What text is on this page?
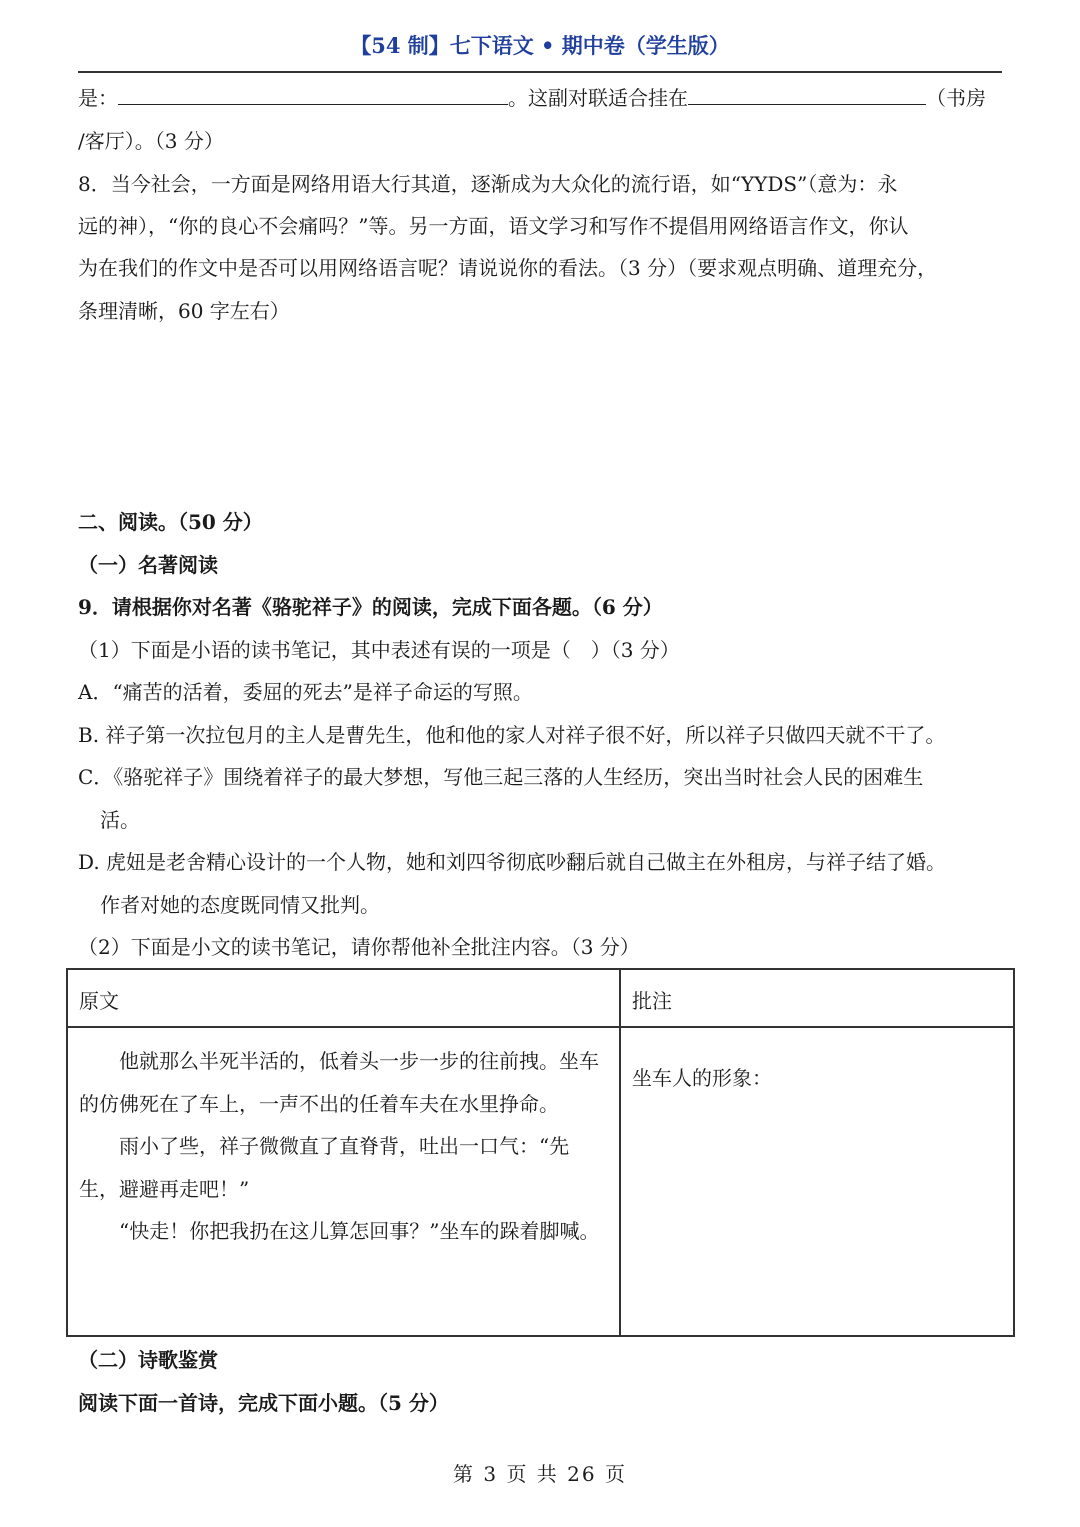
【54 制】七下语文 • 期中卷（学生版）
是：	。这副对联适合挂在	（书房
/客厅）。（3 分）
8．当今社会，一方面是网络用语大行其道，逐渐成为大众化的流行语，如“YYDS”（意为：永
远的神），“你的良心不会痛吗？”等。另一方面，语文学习和写作不提倡用网络语言作文，你认
为在我们的作文中是否可以用网络语言呢？请说说你的看法。（3 分）（要求观点明确、道理充分，
条理清晰，60 字左右）
二、阅读。（50 分）
（一）名著阅读
9．请根据你对名著《骆驼祥子》的阅读，完成下面各题。（6 分）
（1）下面是小语的读书笔记，其中表述有误的一项是（　）（3 分）
A．“痛苦的活着，委屈的死去”是祥子命运的写照。
B. 祥子第一次拉包月的主人是曹先生，他和他的家人对祥子很不好，所以祥子只做四天就不干了。
C．《骆驼祥子》围绕着祥子的最大梦想，写他三起三落的人生经历，突出当时社会人民的困难生
活。
D. 虎妞是老舍精心设计的一个人物，她和刘四爷彻底吵翻后就自己做主在外租房，与祥子结了婚。
作者对她的态度既同情又批判。
（2）下面是小文的读书笔记，请你帮他补全批注内容。（3 分）
原文	批注

他就那么半死半活的，低着头一步一步的往前拽。坐车的仿佛死在了车上，一声不出的任着车夫在水里挣命。

雨小了些，祥子微微直了直脊背，吐出一口气：“先生，避避再走吧！”

“快走！你把我扔在这儿算怎回事？”坐车的跺着脚喊。	坐车人的形象：
（二）诗歌鉴赏
阅读下面一首诗，完成下面小题。（5 分）
第 3 页 共 26 页
